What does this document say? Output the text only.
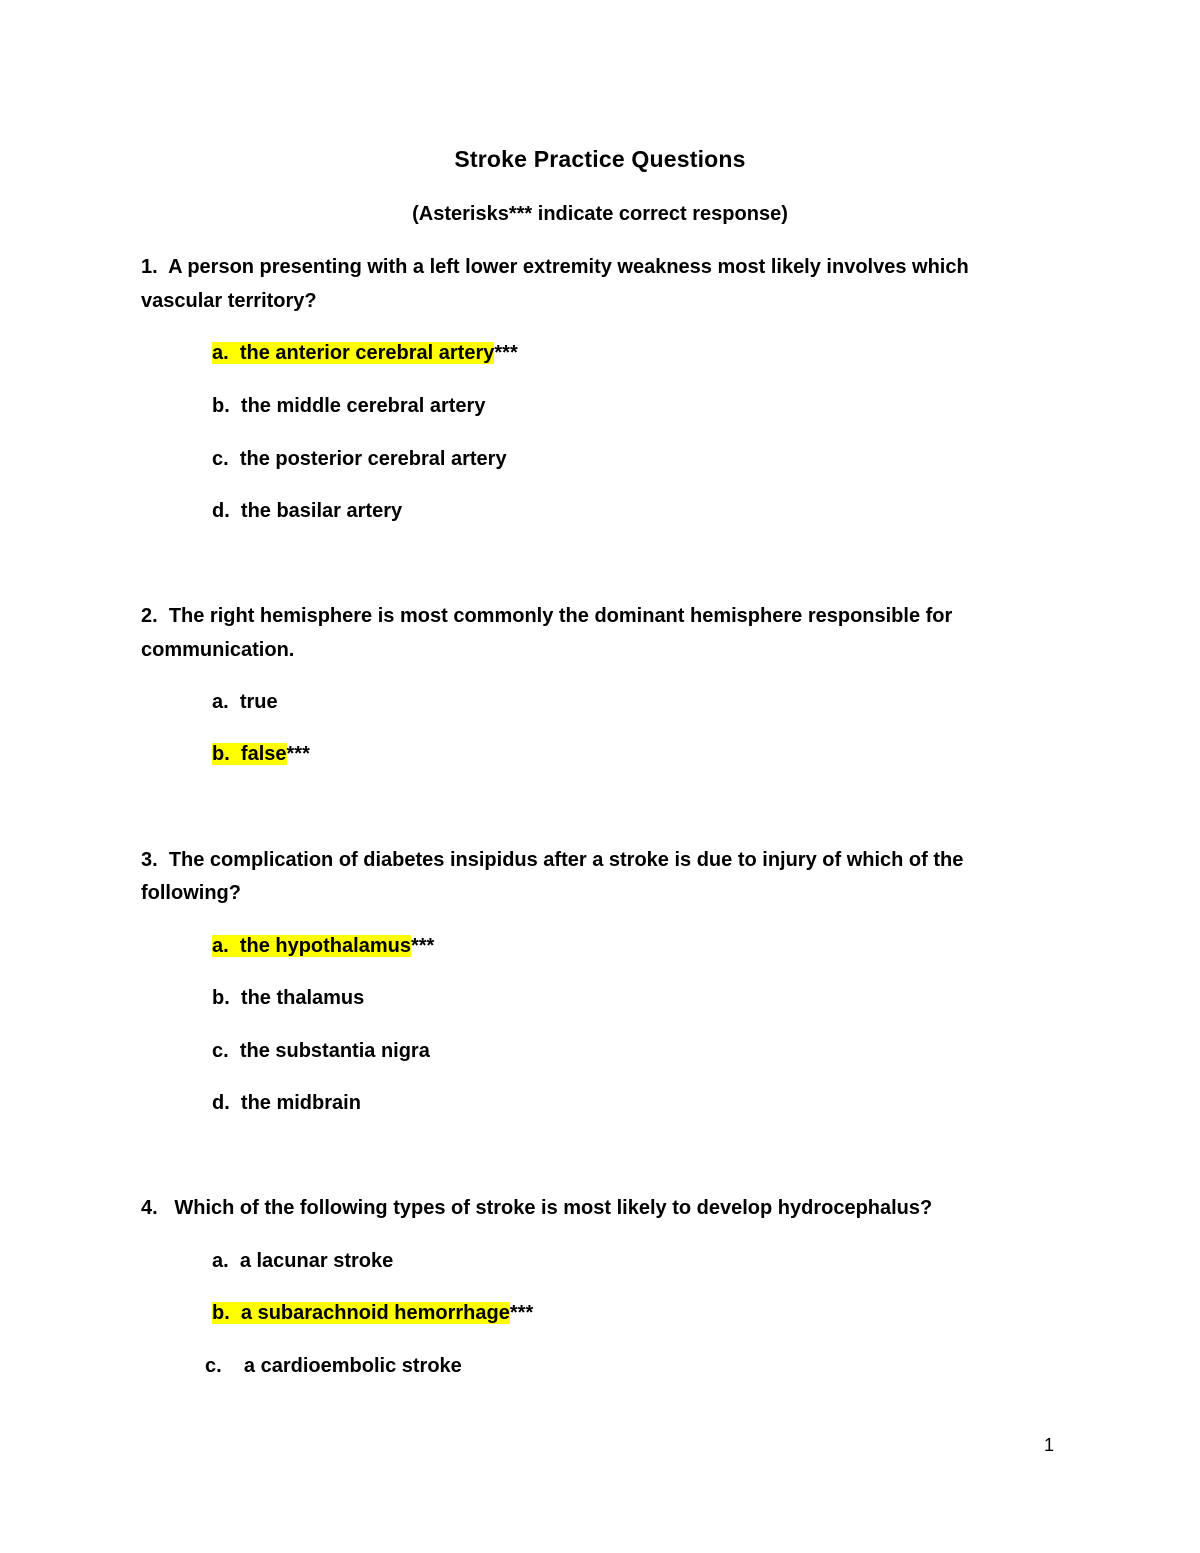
Stroke Practice Questions
(Asterisks*** indicate correct response)
1. A person presenting with a left lower extremity weakness most likely involves which
vascular territory?
a. the anterior cerebral artery***
b. the middle cerebral artery
c. the posterior cerebral artery
d. the basilar artery
2. The right hemisphere is most commonly the dominant hemisphere responsible for
communication.
a. true
b. false***
3. The complication of diabetes insipidus after a stroke is due to injury of which of the
following?
a. the hypothalamus***
b. the thalamus
c. the substantia nigra
d. the midbrain
4. Which of the following types of stroke is most likely to develop hydrocephalus?
a. a lacunar stroke
b. a subarachnoid hemorrhage***
c. a cardioembolic stroke
1
